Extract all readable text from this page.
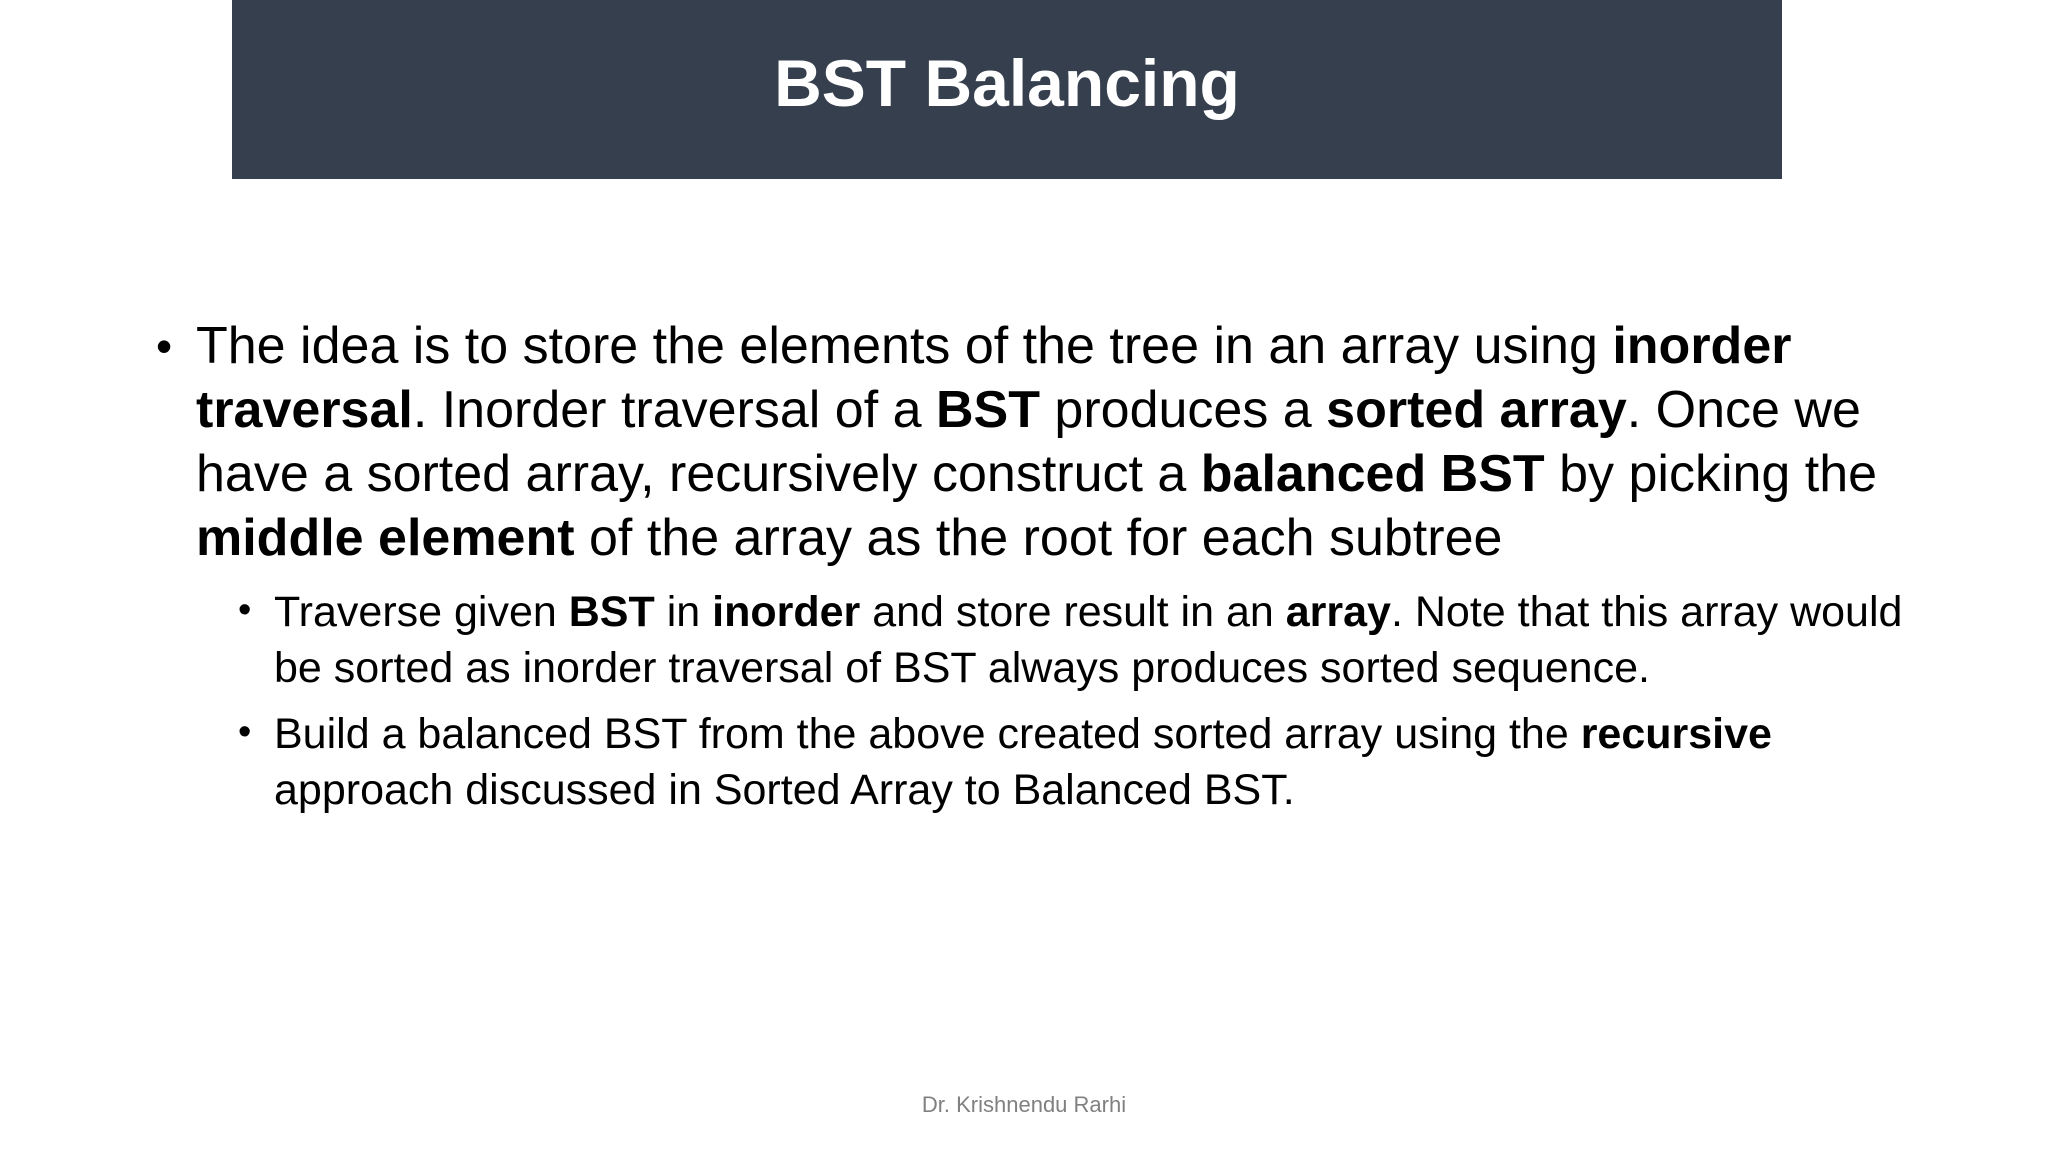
BST Balancing

• The idea is to store the elements of the tree in an array using inorder traversal. Inorder traversal of a BST produces a sorted array. Once we have a sorted array, recursively construct a balanced BST by picking the middle element of the array as the root for each subtree

• Traverse given BST in inorder and store result in an array. Note that this array would be sorted as inorder traversal of BST always produces sorted sequence.

• Build a balanced BST from the above created sorted array using the recursive approach discussed in Sorted Array to Balanced BST.

Dr. Krishnendu Rarhi
